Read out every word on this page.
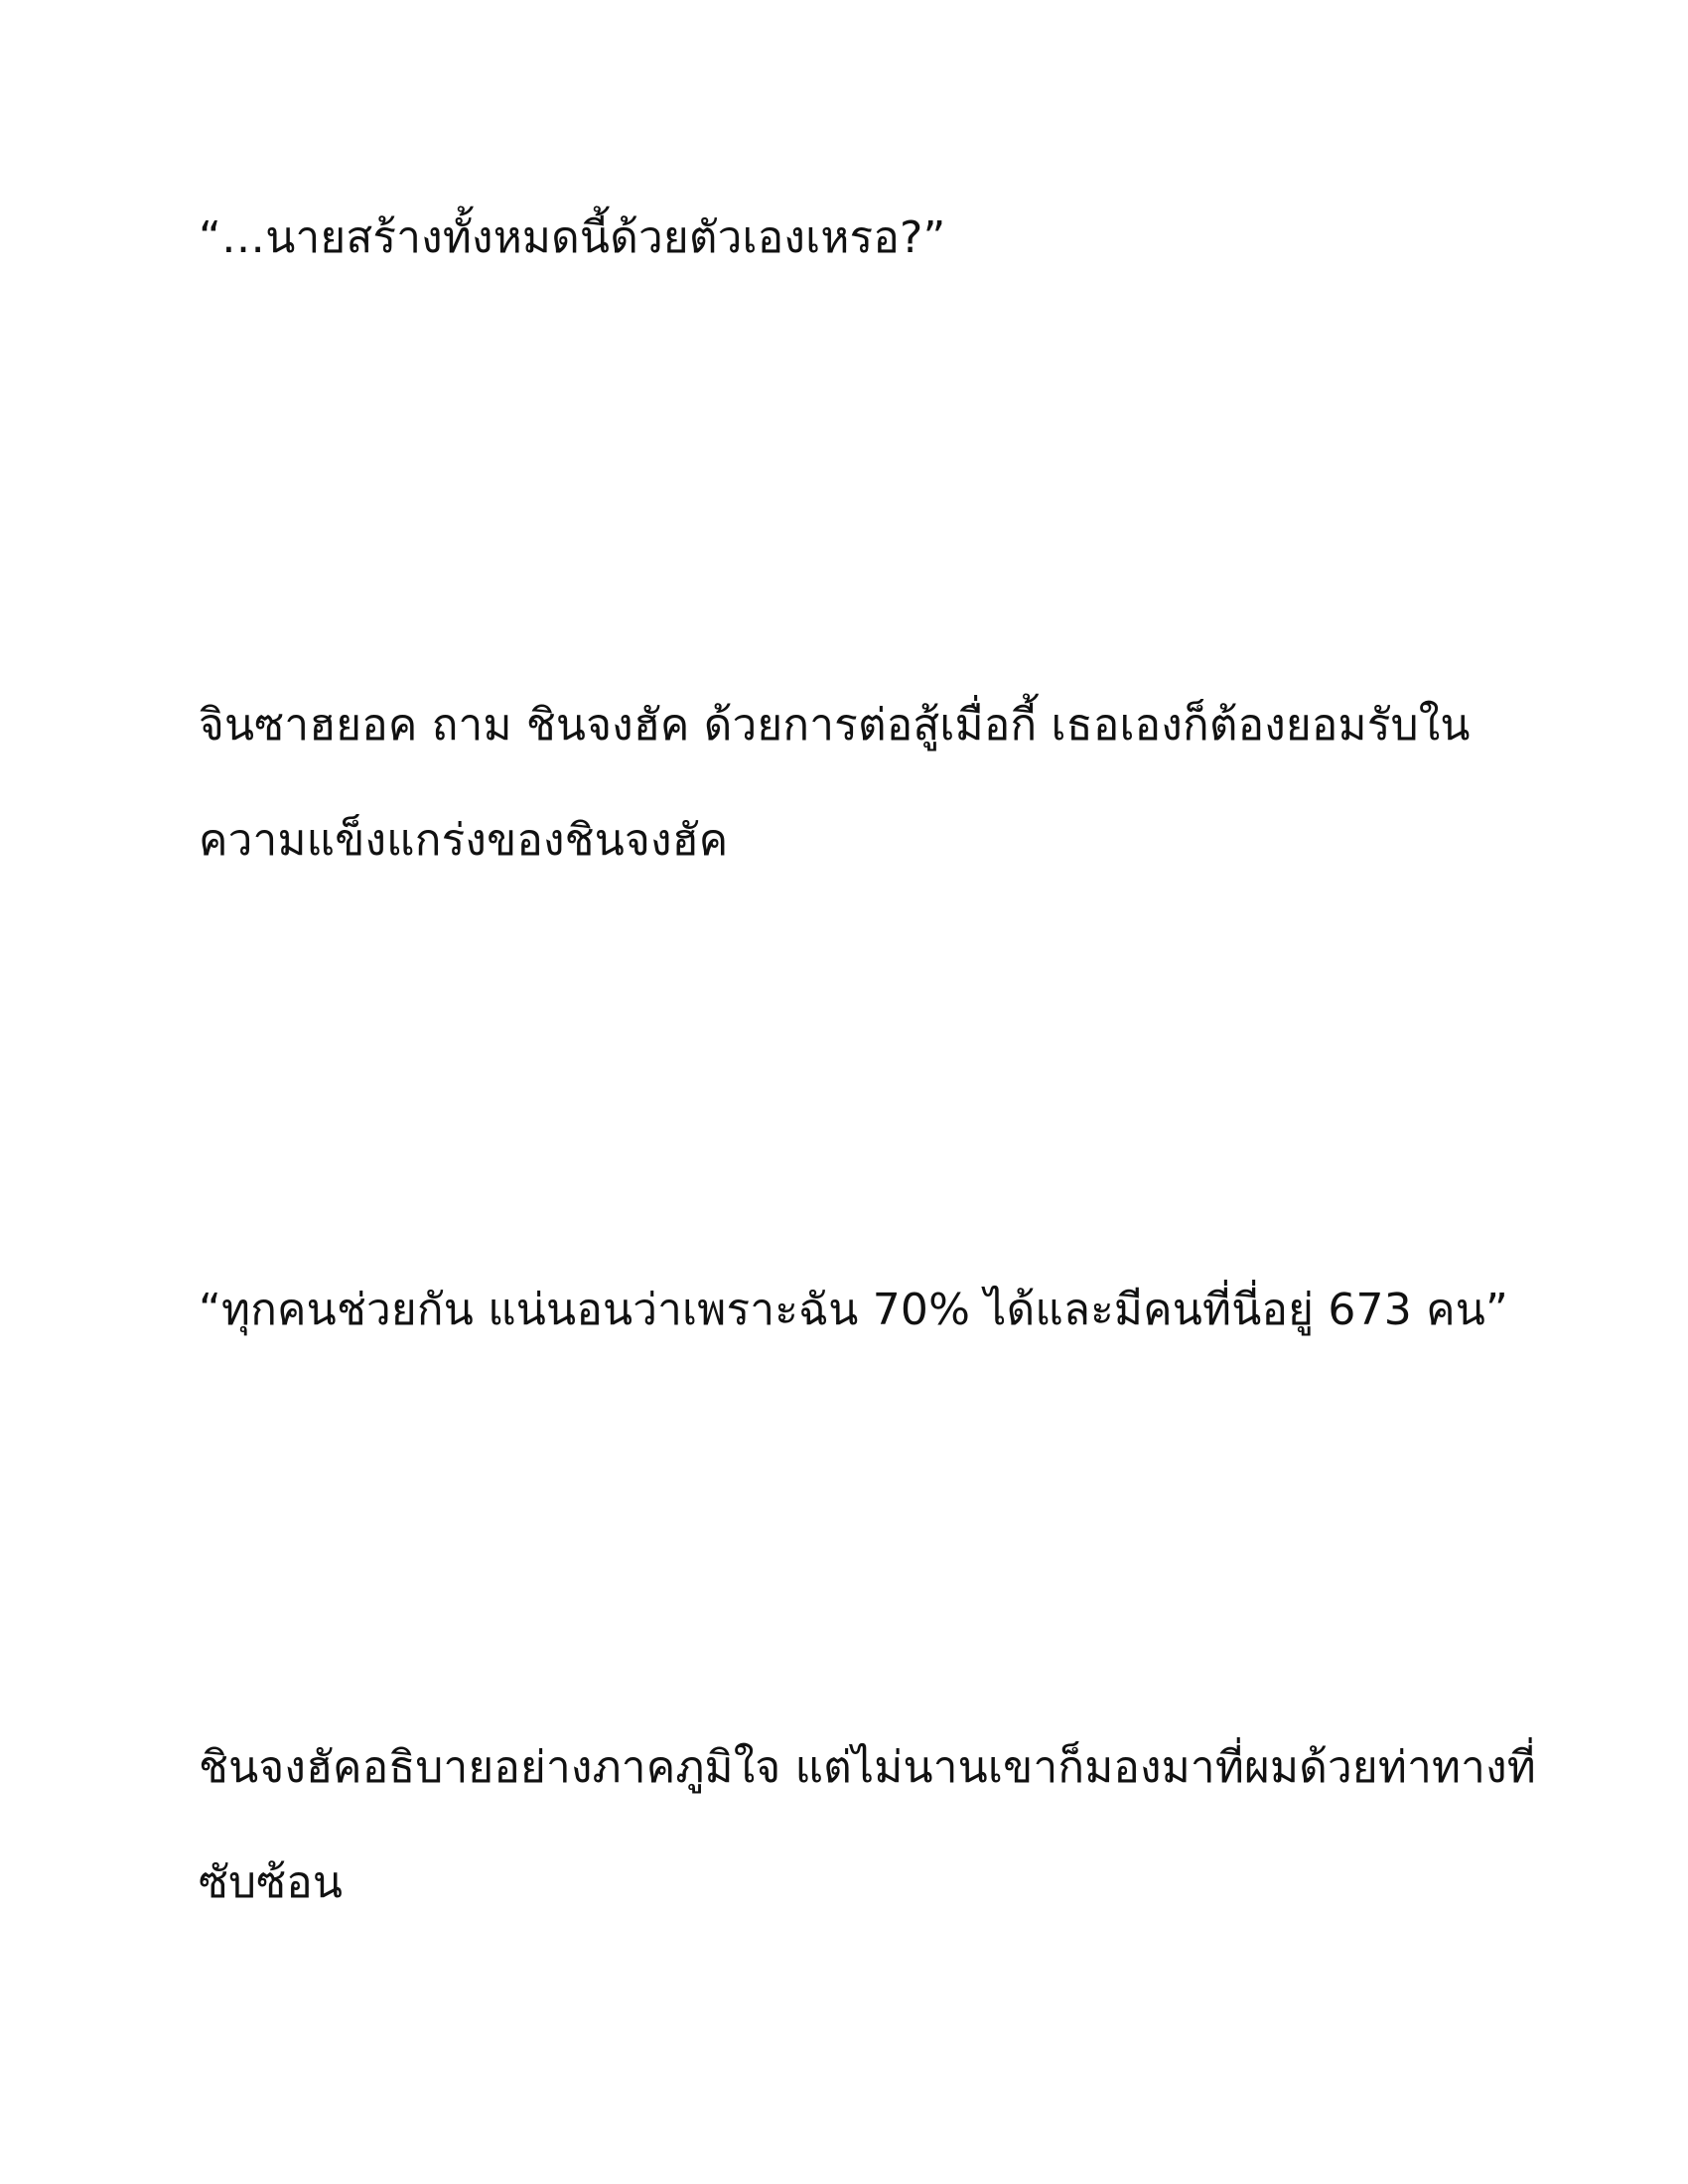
“…นายสร้างทั้งหมดนี้ด้วยตัวเองเหรอ?”

จินซาฮยอค ถาม ชินจงฮัค ด้วยการต่อสู้เมื่อกี้ เธอเองก็ต้องยอมรับใน
ความแข็งแกร่งของชินจงฮัค

“ทุกคนช่วยกัน แน่นอนว่าเพราะฉัน 70% ได้และมีคนที่นี่อยู่ 673 คน”

ชินจงฮัคอธิบายอย่างภาคภูมิใจ แต่ไม่นานเขาก็มองมาที่ผมด้วยท่าทางที่
ซับซ้อน
